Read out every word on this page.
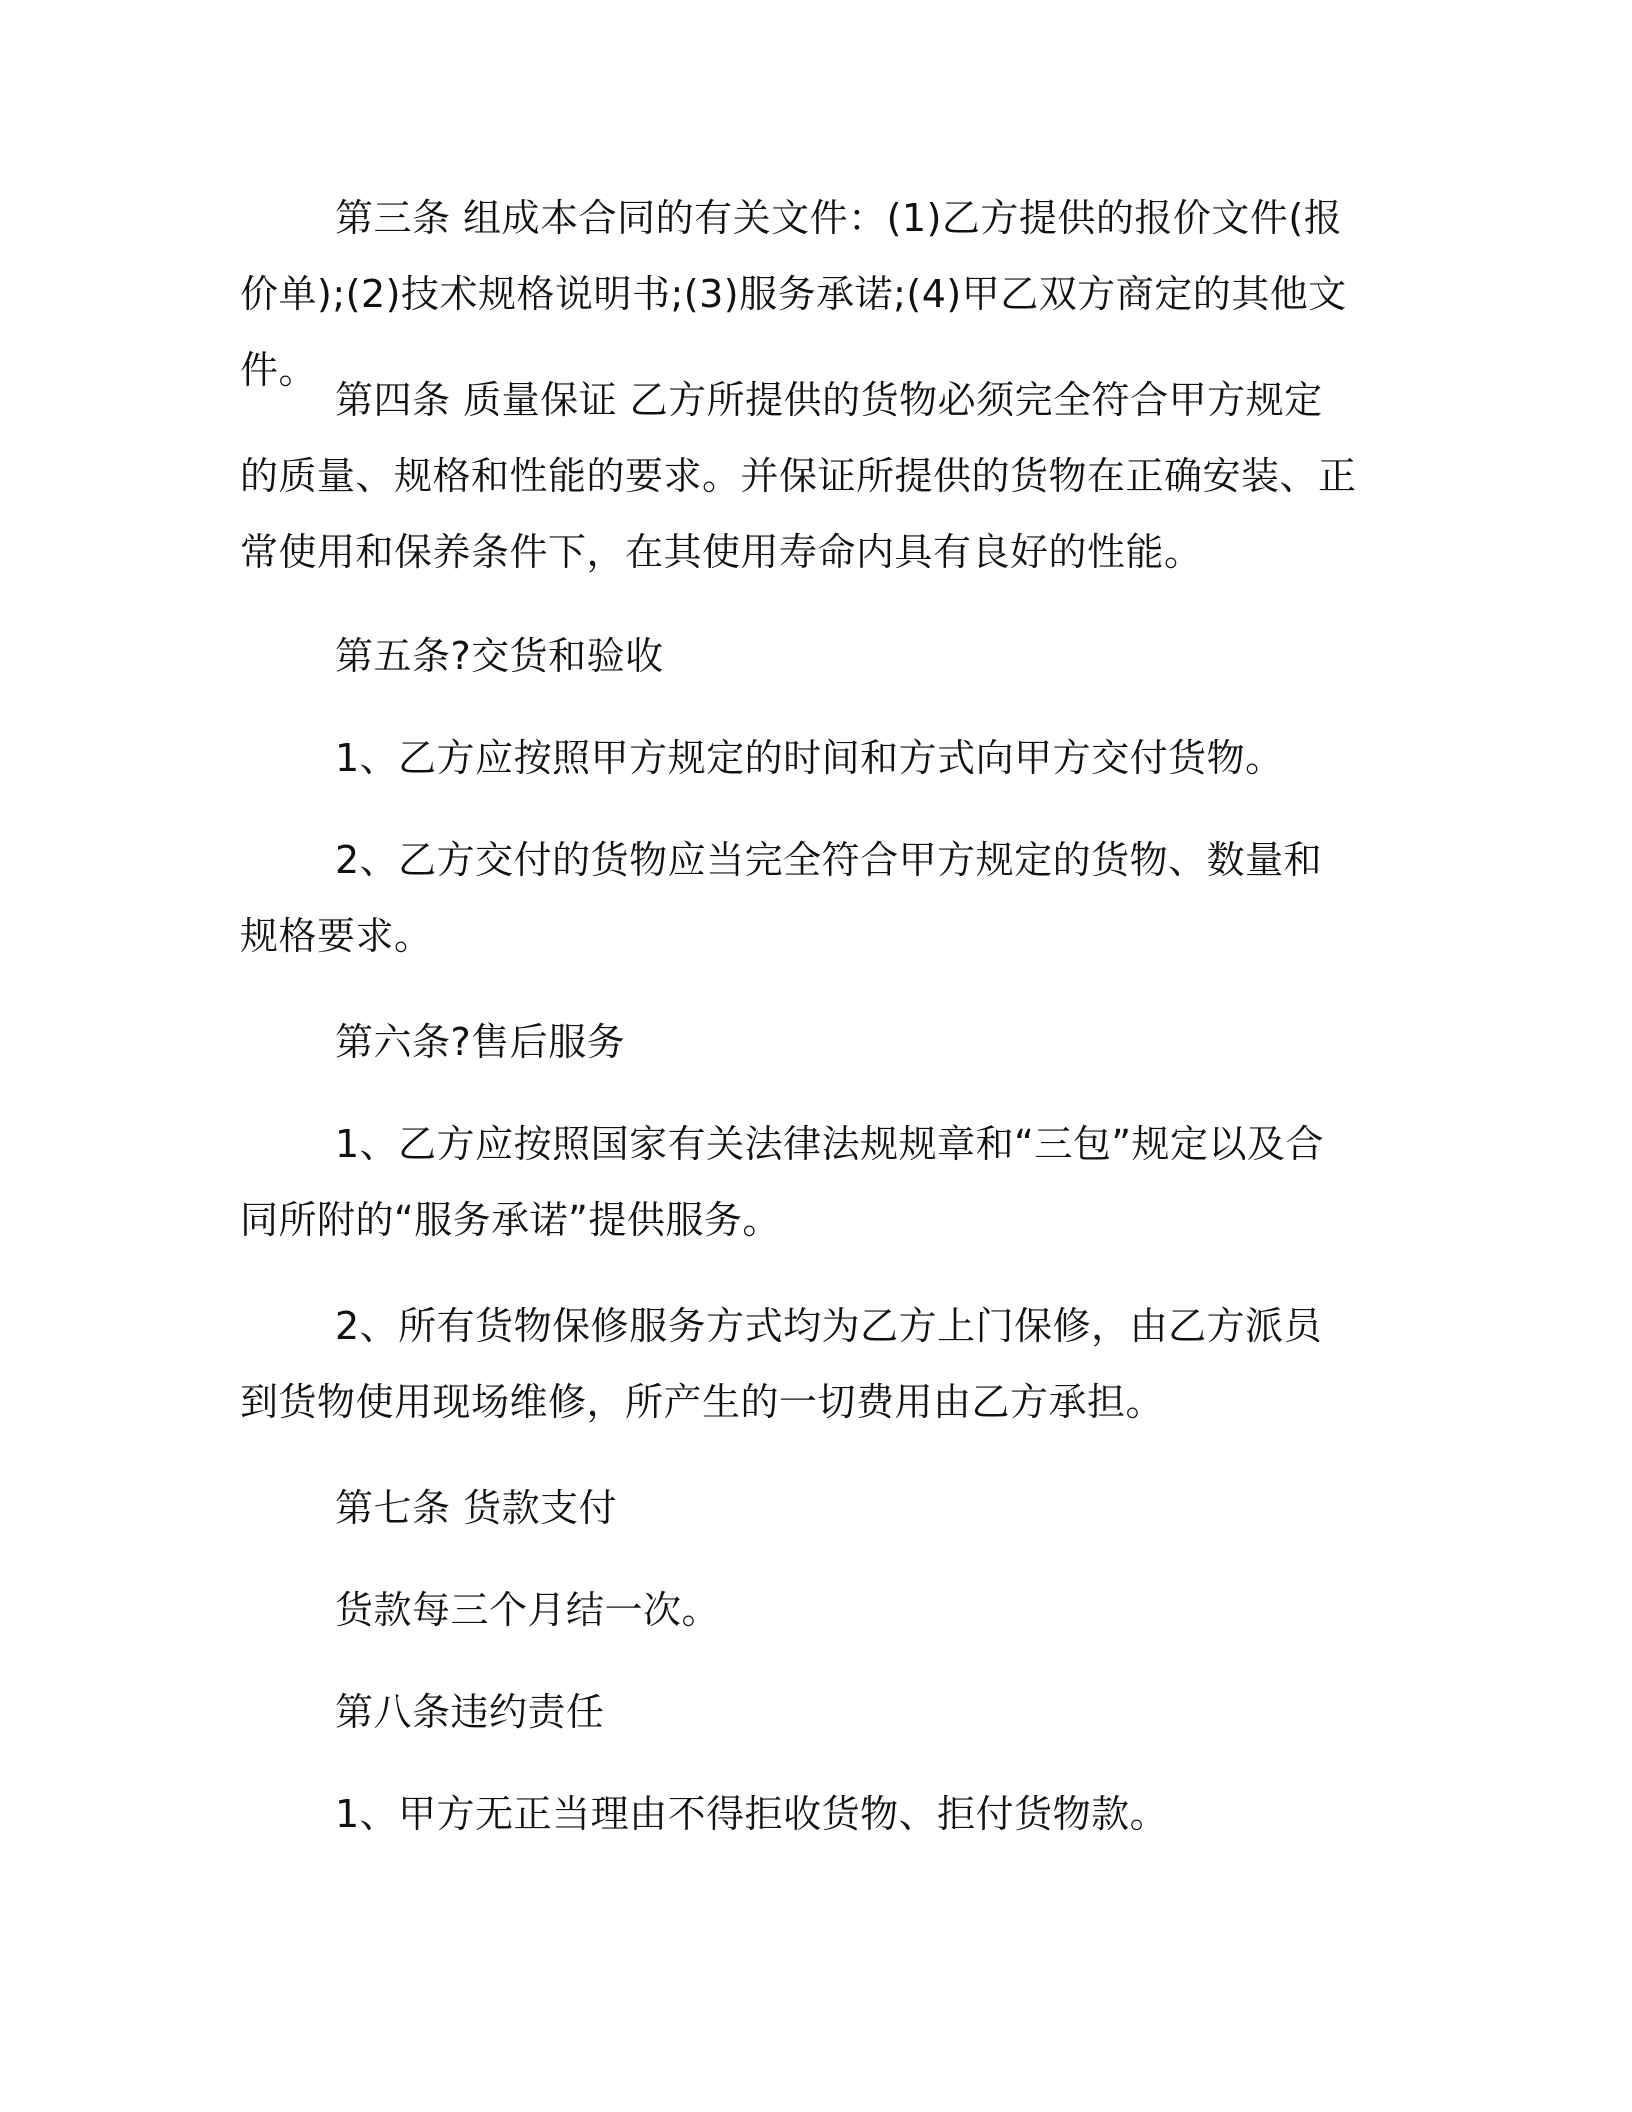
第三条 组成本合同的有关文件：(1)乙方提供的报价文件(报价单);(2)技术规格说明书;(3)服务承诺;(4)甲乙双方商定的其他文件。

第四条 质量保证 乙方所提供的货物必须完全符合甲方规定的质量、规格和性能的要求。并保证所提供的货物在正确安装、正常使用和保养条件下，在其使用寿命内具有良好的性能。

第五条?交货和验收

1、乙方应按照甲方规定的时间和方式向甲方交付货物。

2、乙方交付的货物应当完全符合甲方规定的货物、数量和规格要求。

第六条?售后服务

1、乙方应按照国家有关法律法规规章和“三包”规定以及合同所附的“服务承诺”提供服务。

2、所有货物保修服务方式均为乙方上门保修，由乙方派员到货物使用现场维修，所产生的一切费用由乙方承担。

第七条 货款支付

货款每三个月结一次。

第八条违约责任

1、甲方无正当理由不得拒收货物、拒付货物款。
